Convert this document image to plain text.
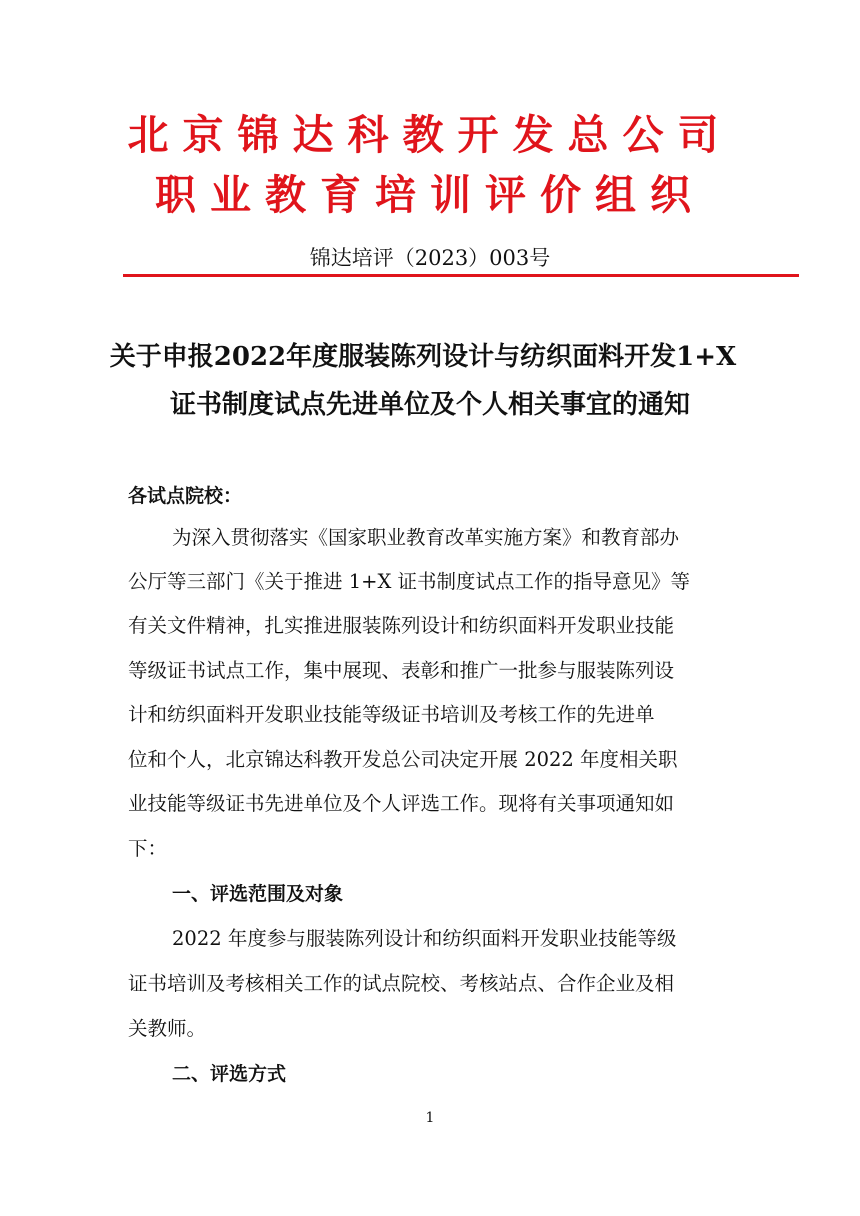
北京锦达科教开发总公司
职业教育培训评价组织
锦达培评（2023）003号
关于申报2022年度服装陈列设计与纺织面料开发1+X
证书制度试点先进单位及个人相关事宜的通知
各试点院校：
为深入贯彻落实《国家职业教育改革实施方案》和教育部办
公厅等三部门《关于推进 1+X 证书制度试点工作的指导意见》等
有关文件精神，扎实推进服装陈列设计和纺织面料开发职业技能
等级证书试点工作，集中展现、表彰和推广一批参与服装陈列设
计和纺织面料开发职业技能等级证书培训及考核工作的先进单
位和个人，北京锦达科教开发总公司决定开展 2022 年度相关职
业技能等级证书先进单位及个人评选工作。现将有关事项通知如
下：
一、评选范围及对象
2022 年度参与服装陈列设计和纺织面料开发职业技能等级
证书培训及考核相关工作的试点院校、考核站点、合作企业及相
关教师。
二、评选方式
1
